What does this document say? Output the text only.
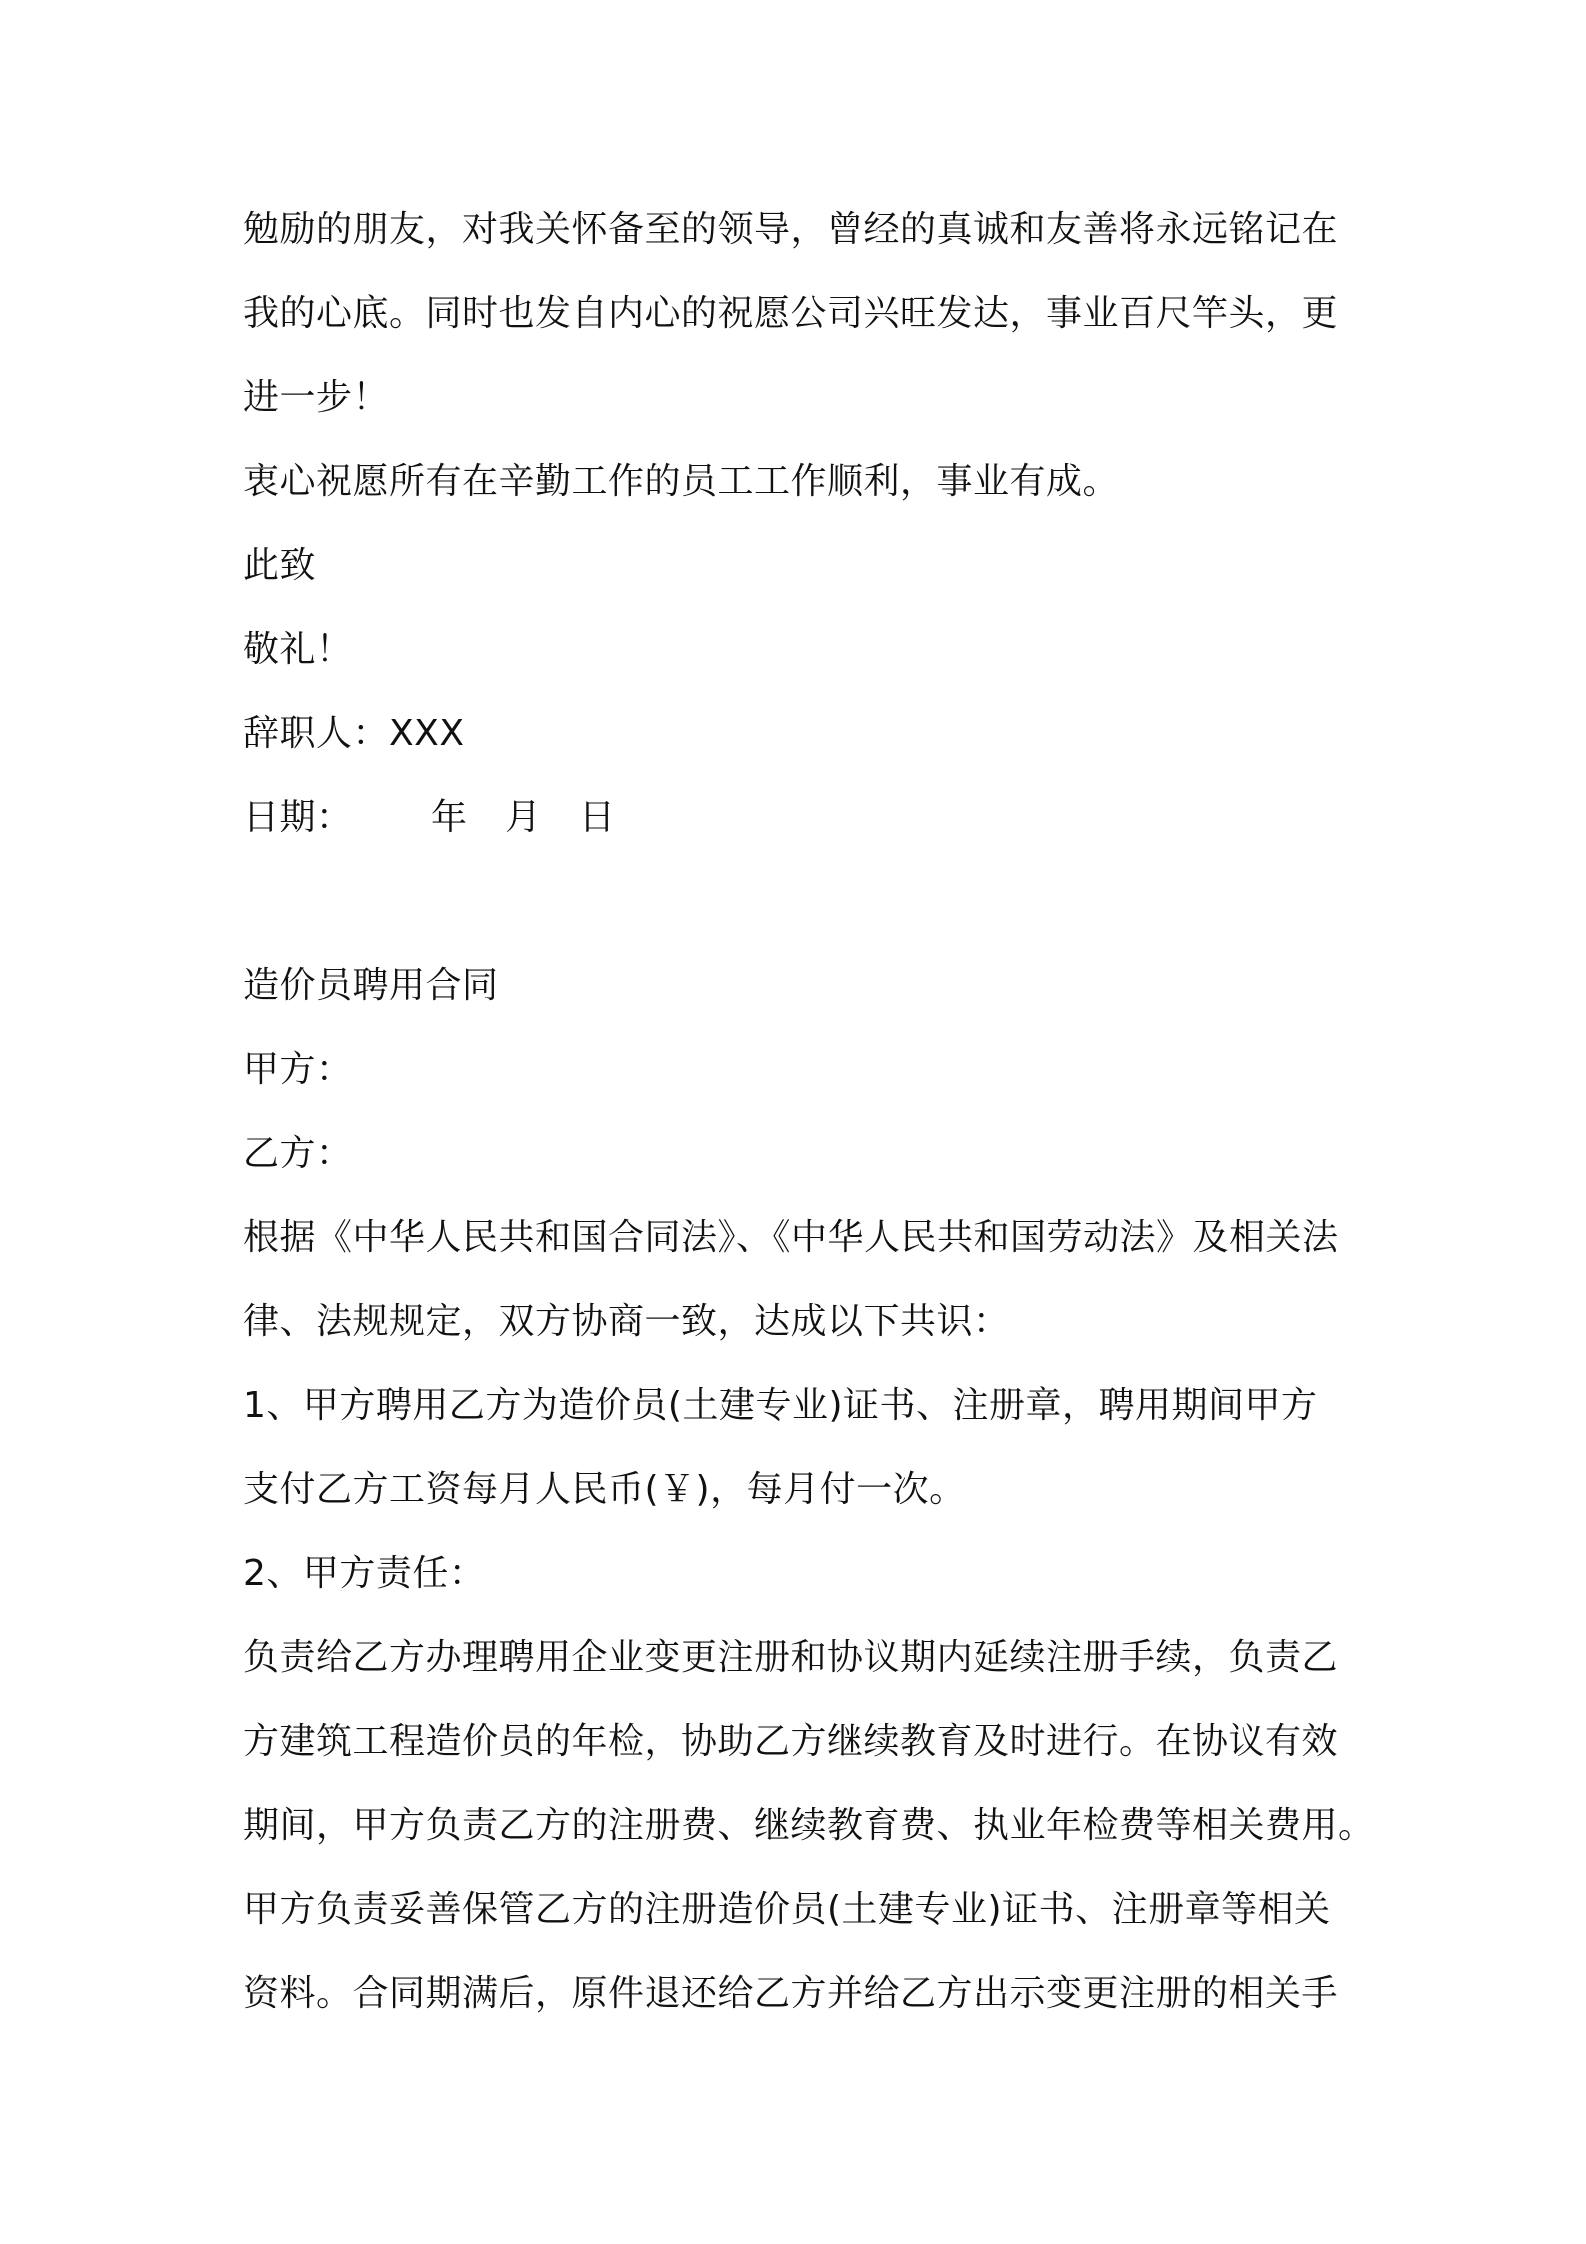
勉励的朋友，对我关怀备至的领导，曾经的真诚和友善将永远铭记在
我的心底。同时也发自内心的祝愿公司兴旺发达，事业百尺竿头，更
进一步！
衷心祝愿所有在辛勤工作的员工工作顺利，事业有成。
此致
敬礼！
辞职人：XXX
日期： 年 月 日
造价员聘用合同
甲方：
乙方：
根据《中华人民共和国合同法》、《中华人民共和国劳动法》及相关法
律、法规规定，双方协商一致，达成以下共识：
1、甲方聘用乙方为造价员(土建专业)证书、注册章，聘用期间甲方
支付乙方工资每月人民币(￥)，每月付一次。
2、甲方责任：
负责给乙方办理聘用企业变更注册和协议期内延续注册手续，负责乙
方建筑工程造价员的年检，协助乙方继续教育及时进行。在协议有效
期间，甲方负责乙方的注册费、继续教育费、执业年检费等相关费用。
甲方负责妥善保管乙方的注册造价员(土建专业)证书、注册章等相关
资料。合同期满后，原件退还给乙方并给乙方出示变更注册的相关手
